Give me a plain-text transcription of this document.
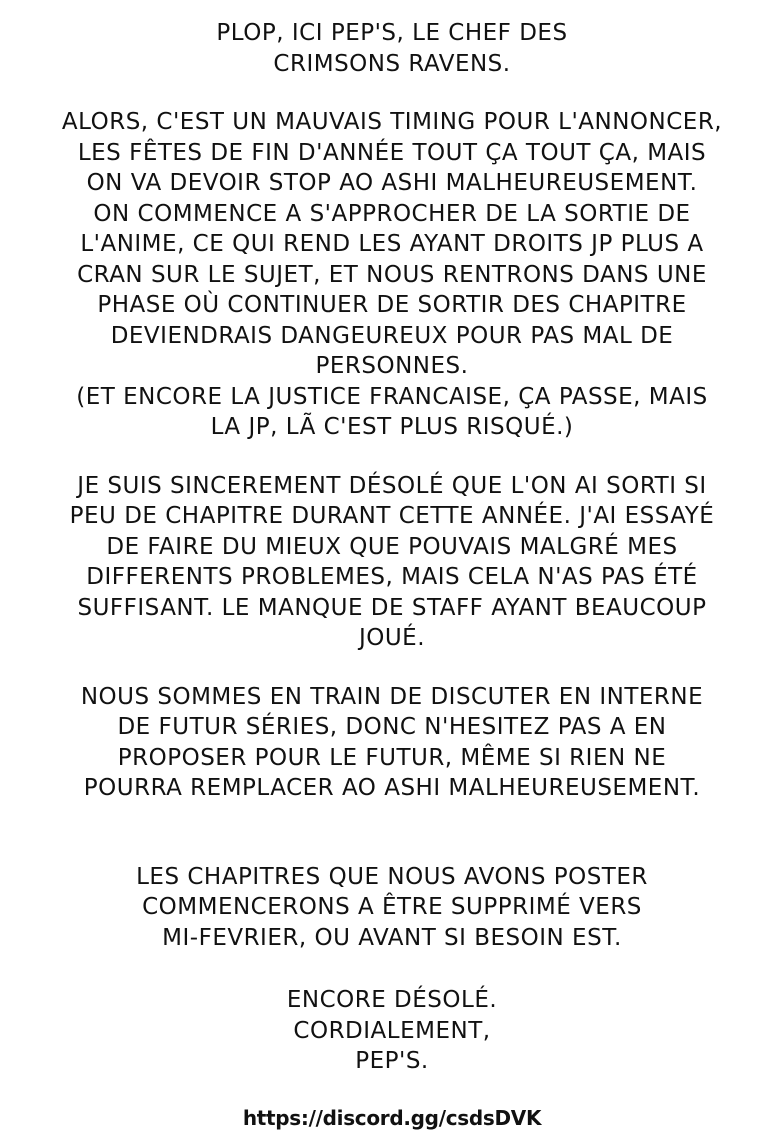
PLOP, ICI PEP'S, LE CHEF DES
CRIMSONS RAVENS.
ALORS, C'EST UN MAUVAIS TIMING POUR L'ANNONCER,
LES FÊTES DE FIN D'ANNÉE TOUT ÇA TOUT ÇA, MAIS
ON VA DEVOIR STOP AO ASHI MALHEUREUSEMENT.
ON COMMENCE A S'APPROCHER DE LA SORTIE DE
L'ANIME, CE QUI REND LES AYANT DROITS JP PLUS A
CRAN SUR LE SUJET, ET NOUS RENTRONS DANS UNE
PHASE OÙ CONTINUER DE SORTIR DES CHAPITRE
DEVIENDRAIS DANGEUREUX POUR PAS MAL DE
PERSONNES.
(ET ENCORE LA JUSTICE FRANCAISE, ÇA PASSE, MAIS
LA JP, LÃ C'EST PLUS RISQUÉ.)
JE SUIS SINCEREMENT DÉSOLÉ QUE L'ON AI SORTI SI
PEU DE CHAPITRE DURANT CETTE ANNÉE. J'AI ESSAYÉ
DE FAIRE DU MIEUX QUE POUVAIS MALGRÉ MES
DIFFERENTS PROBLEMES, MAIS CELA N'AS PAS ÉTÉ
SUFFISANT. LE MANQUE DE STAFF AYANT BEAUCOUP
JOUÉ.
NOUS SOMMES EN TRAIN DE DISCUTER EN INTERNE
DE FUTUR SÉRIES, DONC N'HESITEZ PAS A EN
PROPOSER POUR LE FUTUR, MÊME SI RIEN NE
POURRA REMPLACER AO ASHI MALHEUREUSEMENT.
LES CHAPITRES QUE NOUS AVONS POSTER
COMMENCERONS A ÊTRE SUPPRIMÉ VERS
MI-FEVRIER, OU AVANT SI BESOIN EST.
ENCORE DÉSOLÉ.
CORDIALEMENT,
PEP'S.
https://discord.gg/csdsDVK
